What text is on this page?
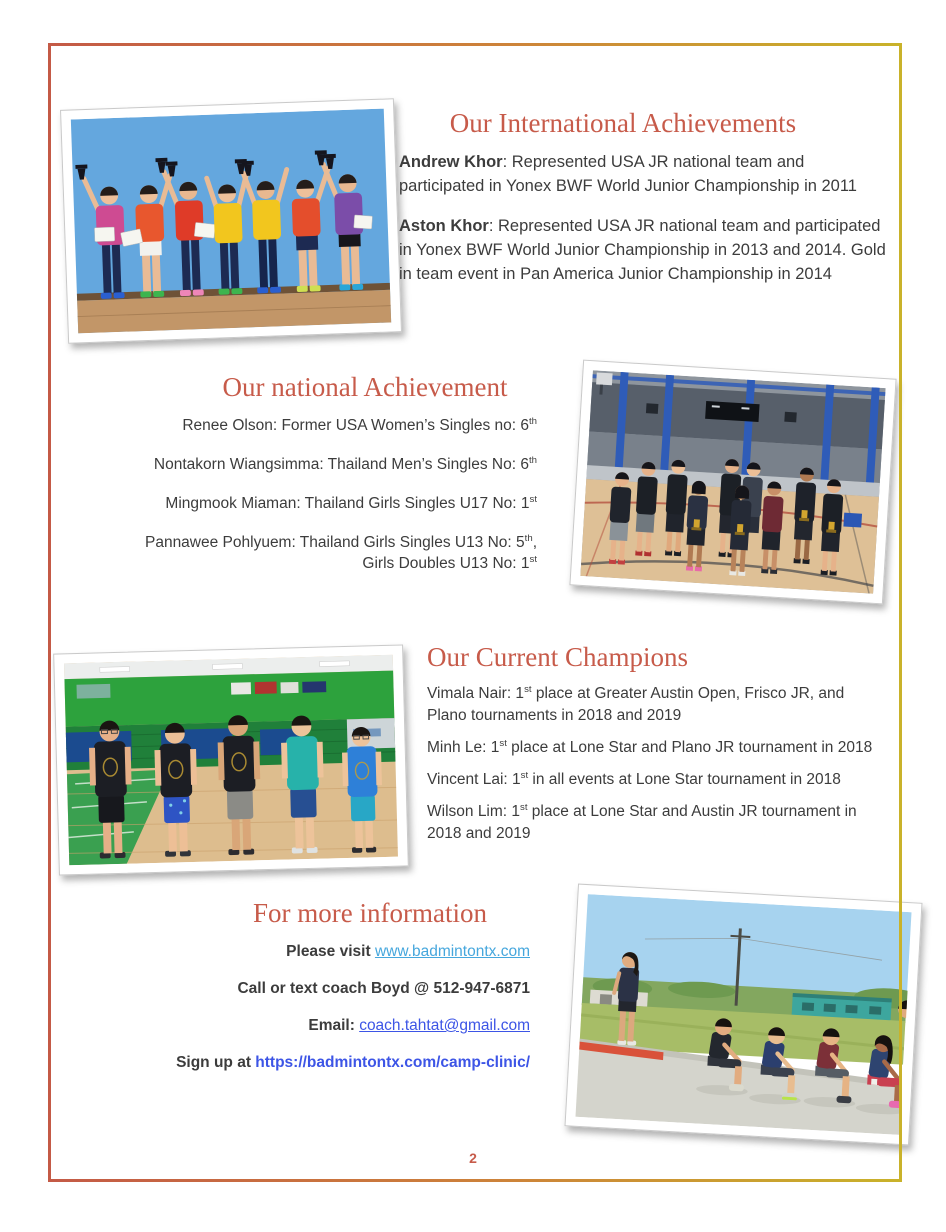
Our International Achievements
Andrew Khor: Represented USA JR national team and
participated in Yonex BWF World Junior Championship in 2011
Aston Khor: Represented USA JR national team and participated
in Yonex BWF World Junior Championship in 2013 and 2014. Gold
in team event in Pan America Junior Championship in 2014
Our national Achievement
Renee Olson: Former USA Women’s Singles no: 6th
Nontakorn Wiangsimma: Thailand Men’s Singles No: 6th
Mingmook Miaman: Thailand Girls Singles U17 No: 1st
Pannawee Pohlyuem: Thailand Girls Singles U13 No: 5th,
Girls Doubles U13 No: 1st
Our Current Champions
Vimala Nair: 1st place at Greater Austin Open, Frisco JR, and
Plano tournaments in 2018 and 2019
Minh Le: 1st place at Lone Star and Plano JR tournament in 2018
Vincent Lai: 1st in all events at Lone Star tournament in 2018
Wilson Lim: 1st place at Lone Star and Austin JR tournament in
2018 and 2019
For more information
Please visit www.badmintontx.com
Call or text coach Boyd @ 512-947-6871
Email: coach.tahtat@gmail.com
Sign up at https://badmintontx.com/camp-clinic/
2
